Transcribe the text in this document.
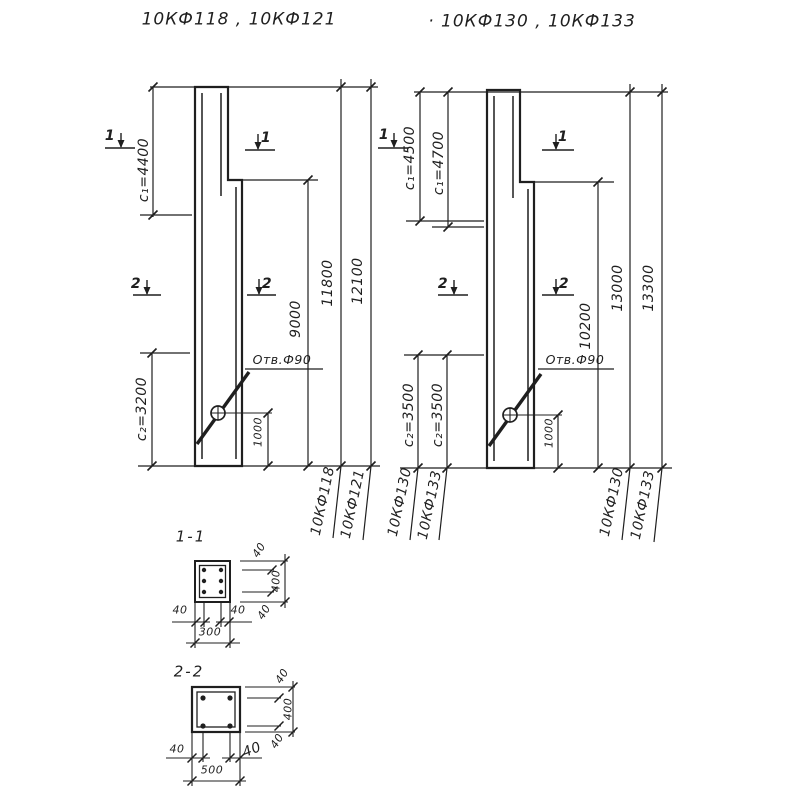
10КФ118 , 10КФ121	· 10КФ130 , 10КФ133
с₁=4400
с₂=3200
9000
11800 12100
Отв.Ф90
1000
10КФ118 10КФ121
1	1
2	2
с₁=4500 с₁=4700
с₂=3500 с₂=3500
10200
13000 13300
Отв.Ф90
1000
10КФ130 10КФ133	10КФ130 10КФ133
1	1
2	2
1-1
40	40
300
400
40
40
2-2
40	40
500
400
40
40
